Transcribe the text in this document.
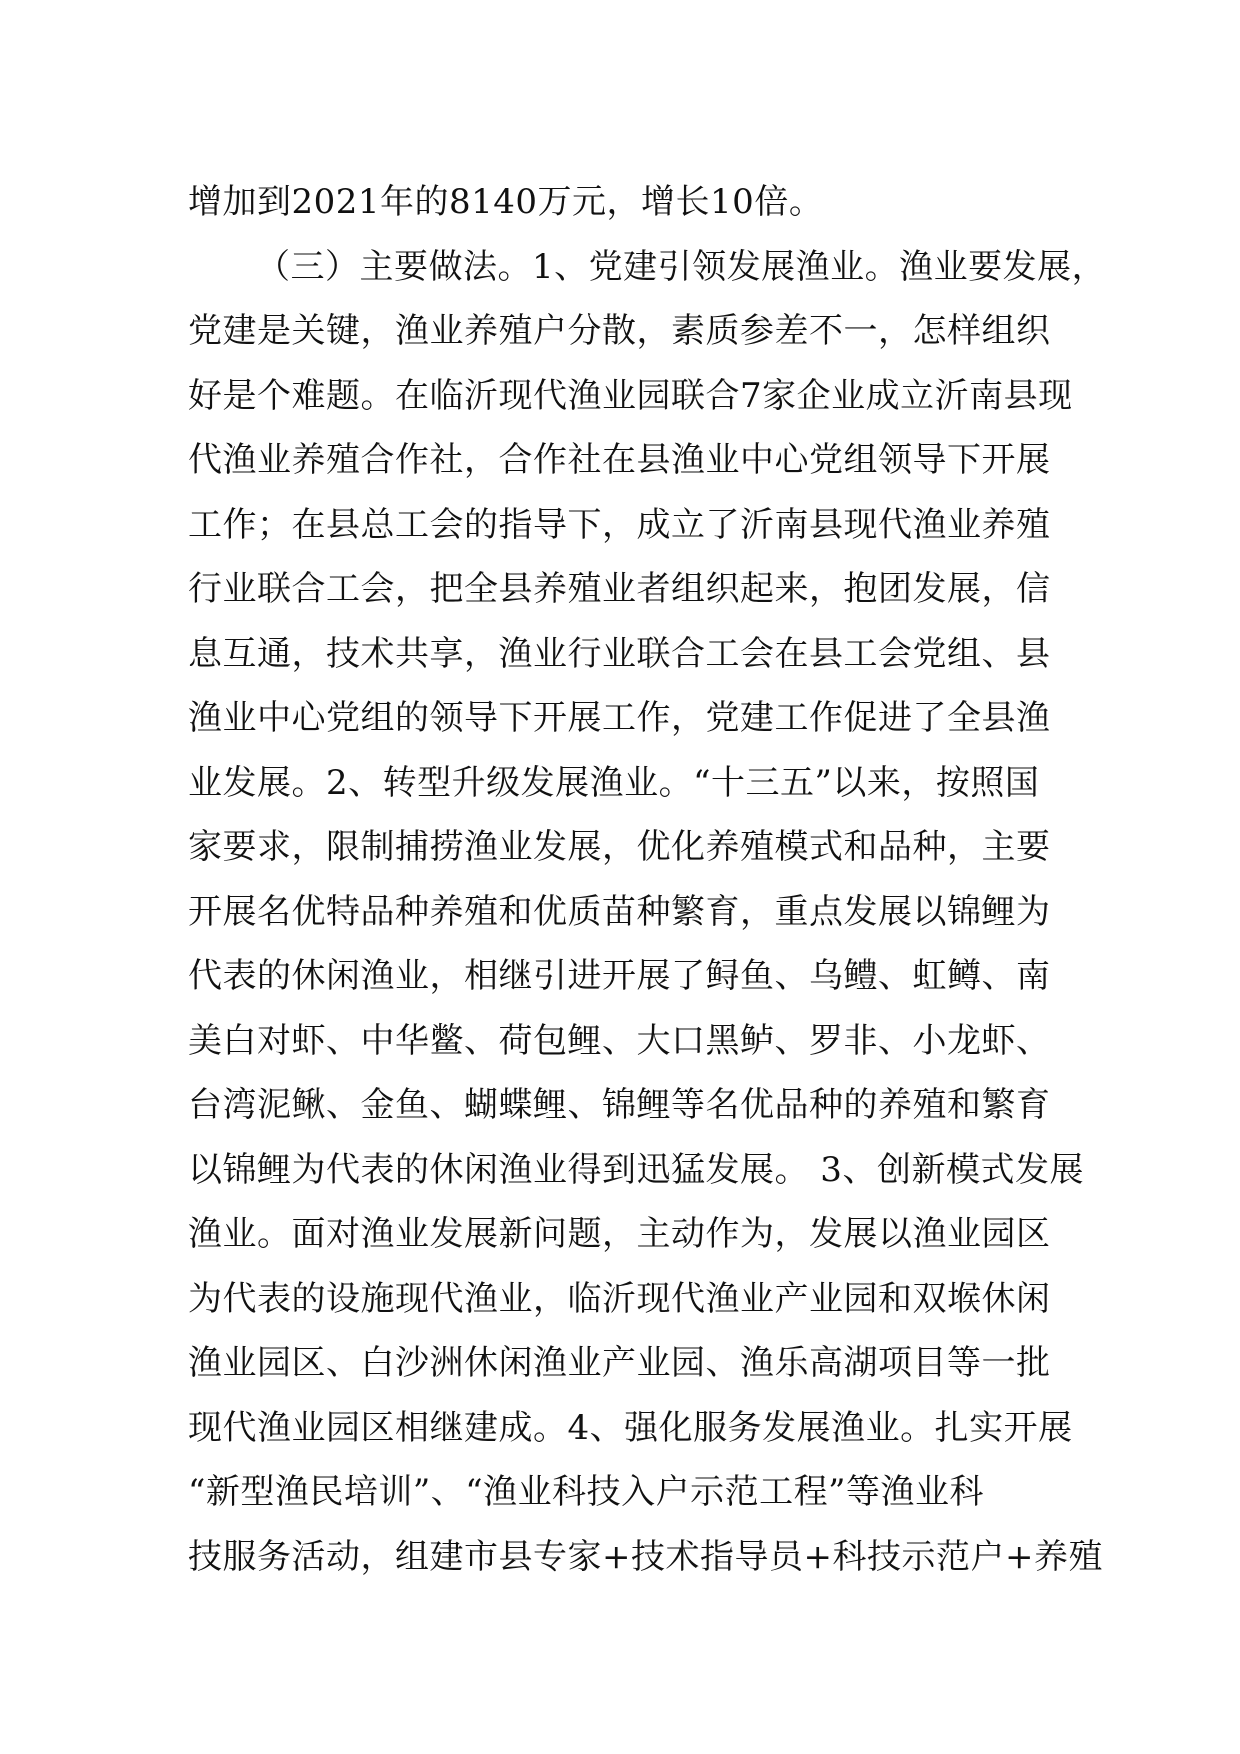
增加到2021年的8140万元，增长10倍。
（三）主要做法。1、党建引领发展渔业。渔业要发展，
党建是关键，渔业养殖户分散，素质参差不一，怎样组织
好是个难题。在临沂现代渔业园联合7家企业成立沂南县现
代渔业养殖合作社，合作社在县渔业中心党组领导下开展
工作；在县总工会的指导下，成立了沂南县现代渔业养殖
行业联合工会，把全县养殖业者组织起来，抱团发展，信
息互通，技术共享，渔业行业联合工会在县工会党组、县
渔业中心党组的领导下开展工作，党建工作促进了全县渔
业发展。2、转型升级发展渔业。“十三五”以来，按照国
家要求，限制捕捞渔业发展，优化养殖模式和品种，主要
开展名优特品种养殖和优质苗种繁育，重点发展以锦鲤为
代表的休闲渔业，相继引进开展了鲟鱼、乌鳢、虹鳟、南
美白对虾、中华鳖、荷包鲤、大口黑鲈、罗非、小龙虾、
台湾泥鳅、金鱼、蝴蝶鲤、锦鲤等名优品种的养殖和繁育
以锦鲤为代表的休闲渔业得到迅猛发展。 3、创新模式发展
渔业。面对渔业发展新问题，主动作为，发展以渔业园区
为代表的设施现代渔业，临沂现代渔业产业园和双堠休闲
渔业园区、白沙洲休闲渔业产业园、渔乐高湖项目等一批
现代渔业园区相继建成。4、强化服务发展渔业。扎实开展
“新型渔民培训”、“渔业科技入户示范工程”等渔业科
技服务活动，组建市县专家+技术指导员+科技示范户+养殖
